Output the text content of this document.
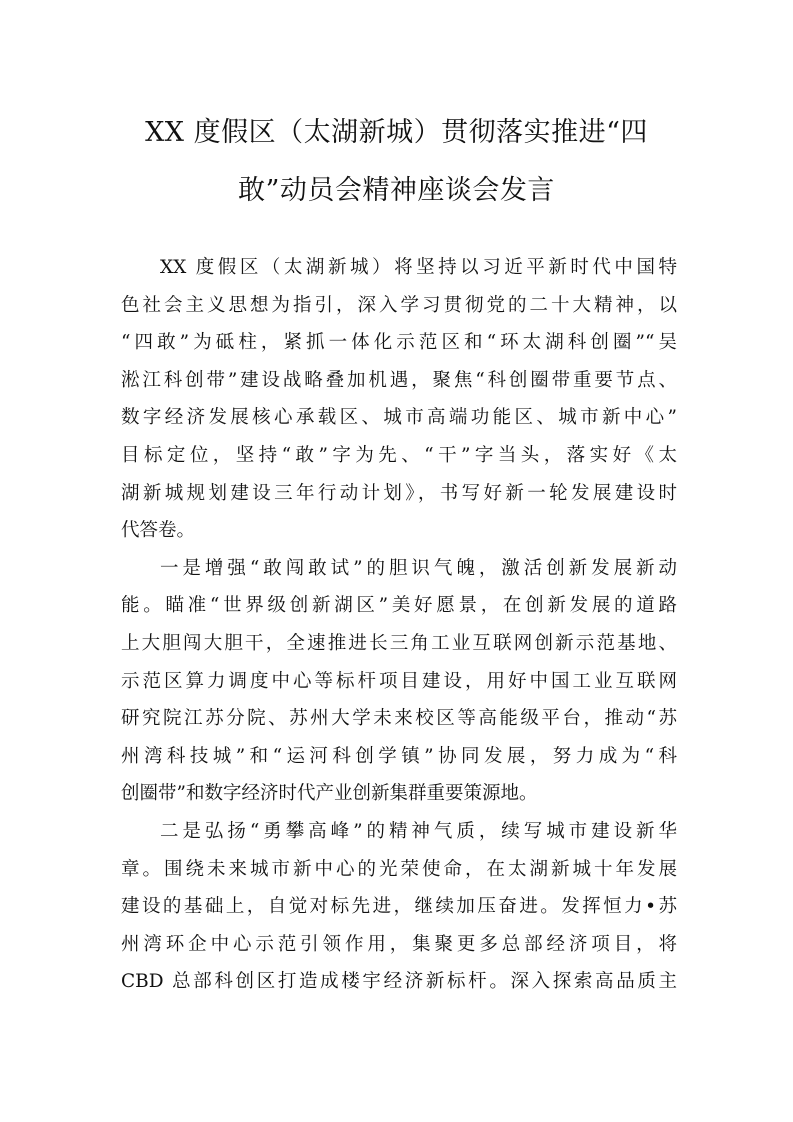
XX 度假区（太湖新城）贯彻落实推进“四
敢”动员会精神座谈会发言
XX 度假区（太湖新城）将坚持以习近平新时代中国特
色社会主义思想为指引，深入学习贯彻党的二十大精神，以
“四敢”为砥柱，紧抓一体化示范区和“环太湖科创圈”“吴
淞江科创带”建设战略叠加机遇，聚焦“科创圈带重要节点、
数字经济发展核心承载区、城市高端功能区、城市新中心”
目标定位，坚持“敢”字为先、“干”字当头，落实好《太
湖新城规划建设三年行动计划》，书写好新一轮发展建设时
代答卷。
一是增强“敢闯敢试”的胆识气魄，激活创新发展新动
能。瞄准“世界级创新湖区”美好愿景，在创新发展的道路
上大胆闯大胆干，全速推进长三角工业互联网创新示范基地、
示范区算力调度中心等标杆项目建设，用好中国工业互联网
研究院江苏分院、苏州大学未来校区等高能级平台，推动“苏
州湾科技城”和“运河科创学镇”协同发展，努力成为“科
创圈带”和数字经济时代产业创新集群重要策源地。
二是弘扬“勇攀高峰”的精神气质，续写城市建设新华
章。围绕未来城市新中心的光荣使命，在太湖新城十年发展
建设的基础上，自觉对标先进，继续加压奋进。发挥恒力•苏
州湾环企中心示范引领作用，集聚更多总部经济项目，将
CBD 总部科创区打造成楼宇经济新标杆。深入探索高品质主
